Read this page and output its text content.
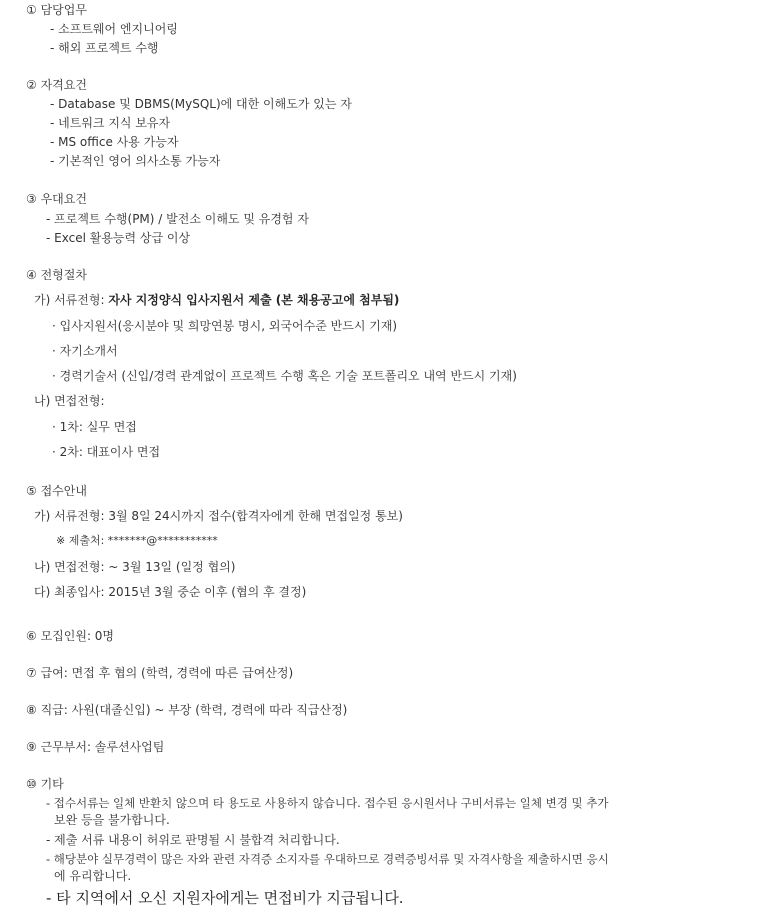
① 담당업무
- 소프트웨어 엔지니어링
- 해외 프로젝트 수행
② 자격요건
- Database 및 DBMS(MySQL)에 대한 이해도가 있는 자
- 네트워크 지식 보유자
- MS office 사용 가능자
- 기본적인 영어 의사소통 가능자
③ 우대요건
- 프로젝트 수행(PM) / 발전소 이해도 및 유경험 자
- Excel 활용능력 상급 이상
④ 전형절차
가) 서류전형: 자사 지정양식 입사지원서 제출 (본 채용공고에 첨부됨)
· 입사지원서(응시분야 및 희망연봉 명시, 외국어수준 반드시 기재)
· 자기소개서
· 경력기술서 (신입/경력 관계없이 프로젝트 수행 혹은 기술 포트폴리오 내역 반드시 기재)
나) 면접전형:
· 1차: 실무 면접
· 2차: 대표이사 면접
⑤ 접수안내
가) 서류전형: 3월 8일 24시까지 접수(합격자에게 한해 면접일정 통보)
※ 제출처: *******@***********
나) 면접전형: ~ 3월 13일 (일정 협의)
다) 최종입사: 2015년 3월 중순 이후 (협의 후 결정)
⑥ 모집인원: 0명
⑦ 급여: 면접 후 협의 (학력, 경력에 따른 급여산정)
⑧ 직급: 사원(대졸신입) ~ 부장 (학력, 경력에 따라 직급산정)
⑨ 근무부서: 솔루션사업팀
⑩ 기타
- 접수서류는 일체 반환치 않으며 타 용도로 사용하지 않습니다. 접수된 응시원서나 구비서류는 일체 변경 및 추가
보완 등을 불가합니다.
- 제출 서류 내용이 허위로 판명될 시 불합격 처리합니다.
- 해당분야 실무경력이 많은 자와 관련 자격증 소지자를 우대하므로 경력증빙서류 및 자격사항을 제출하시면 응시
에 유리합니다.
- 타 지역에서 오신 지원자에게는 면접비가 지급됩니다.
